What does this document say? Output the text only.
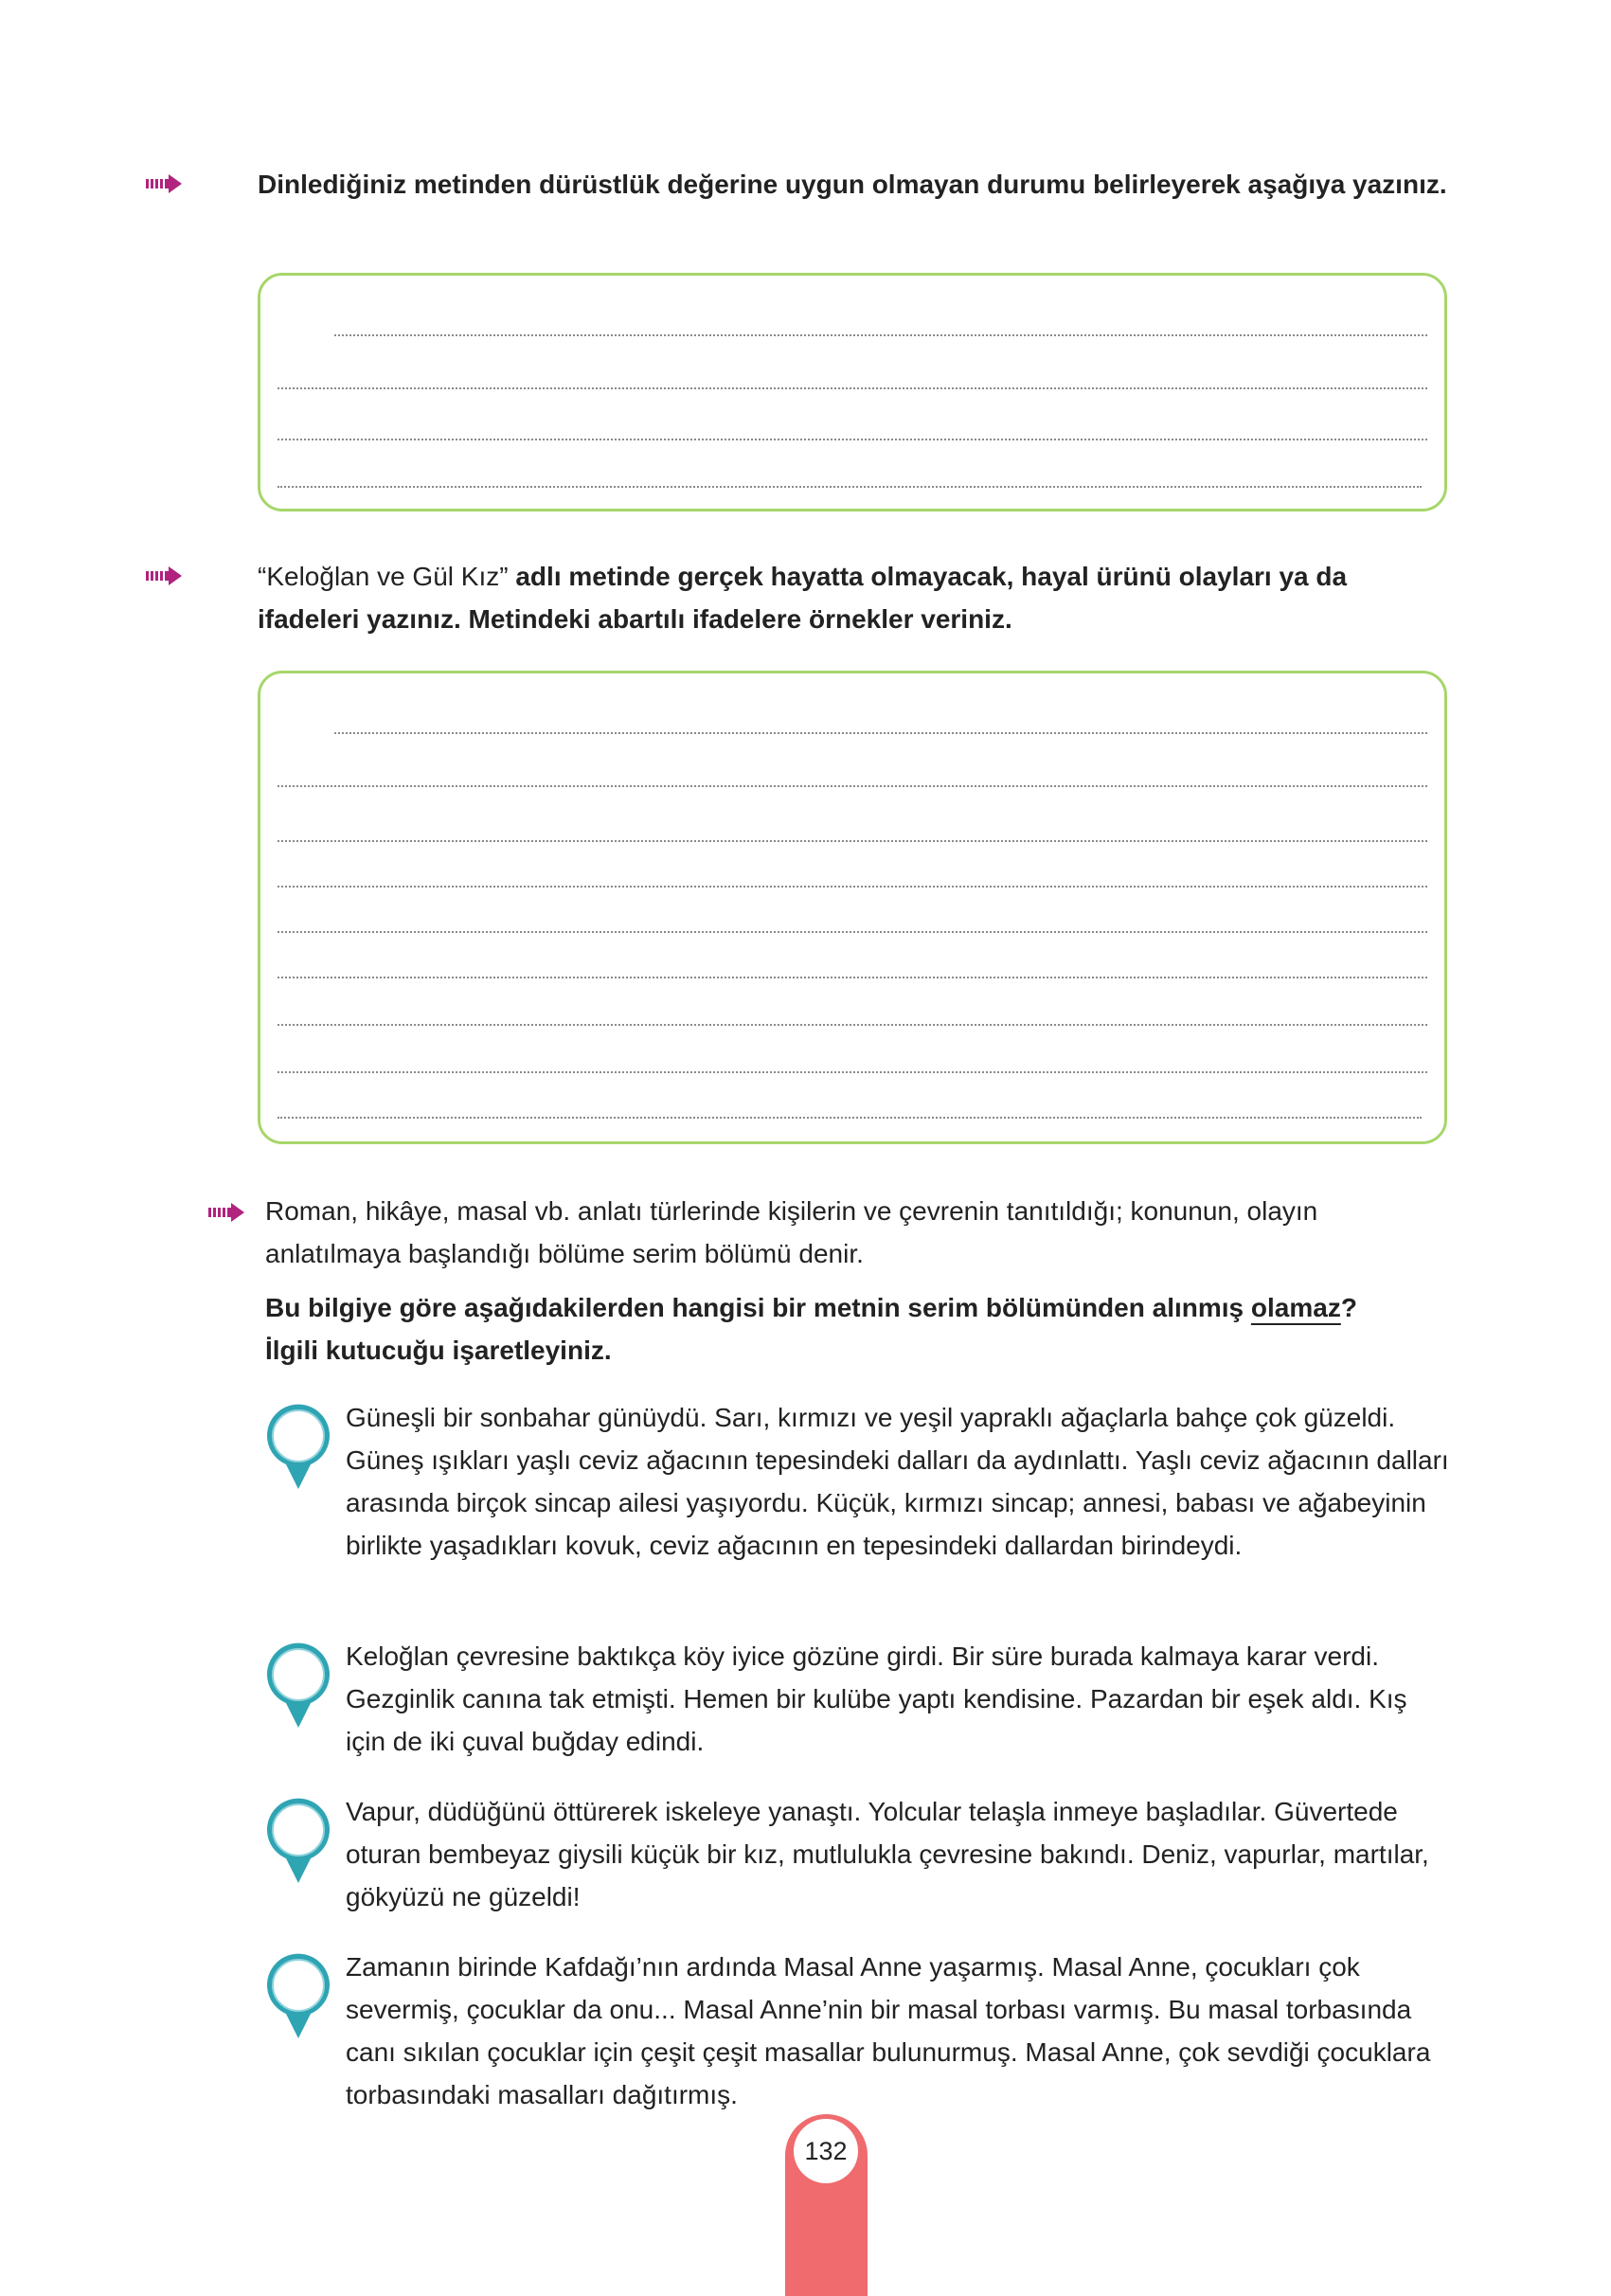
Dinlediğiniz metinden dürüstlük değerine uygun olmayan durumu belirleyerek aşağıya yazınız.

“Keloğlan ve Gül Kız” adlı metinde gerçek hayatta olmayacak, hayal ürünü olayları ya da ifadeleri yazınız. Metindeki abartılı ifadelere örnekler veriniz.

Roman, hikâye, masal vb. anlatı türlerinde kişilerin ve çevrenin tanıtıldığı; konunun, olayın anlatılmaya başlandığı bölüme serim bölümü denir.

Bu bilgiye göre aşağıdakilerden hangisi bir metnin serim bölümünden alınmış olamaz?
İlgili kutucuğu işaretleyiniz.

Güneşli bir sonbahar günüydü. Sarı, kırmızı ve yeşil yapraklı ağaçlarla bahçe çok güzeldi. Güneş ışıkları yaşlı ceviz ağacının tepesindeki dalları da aydınlattı. Yaşlı ceviz ağacının dalları arasında birçok sincap ailesi yaşıyordu. Küçük, kırmızı sincap; annesi, babası ve ağabeyinin birlikte yaşadıkları kovuk, ceviz ağacının en tepesindeki dallardan birindeydi.
Keloğlan çevresine baktıkça köy iyice gözüne girdi. Bir süre burada kalmaya karar verdi. Gezginlik canına tak etmişti. Hemen bir kulübe yaptı kendisine. Pazardan bir eşek aldı. Kış için de iki çuval buğday edindi.
Vapur, düdüğünü öttürerek iskeleye yanaştı. Yolcular telaşla inmeye başladılar. Güvertede oturan bembeyaz giysili küçük bir kız, mutlulukla çevresine bakındı. Deniz, vapurlar, martılar, gökyüzü ne güzeldi!
Zamanın birinde Kafdağı’nın ardında Masal Anne yaşarmış. Masal Anne, çocukları çok severmiş, çocuklar da onu... Masal Anne’nin bir masal torbası varmış. Bu masal torbasında canı sıkılan çocuklar için çeşit çeşit masallar bulunurmuş. Masal Anne, çok sevdiği çocuklara torbasındaki masalları dağıtırmış.
132
